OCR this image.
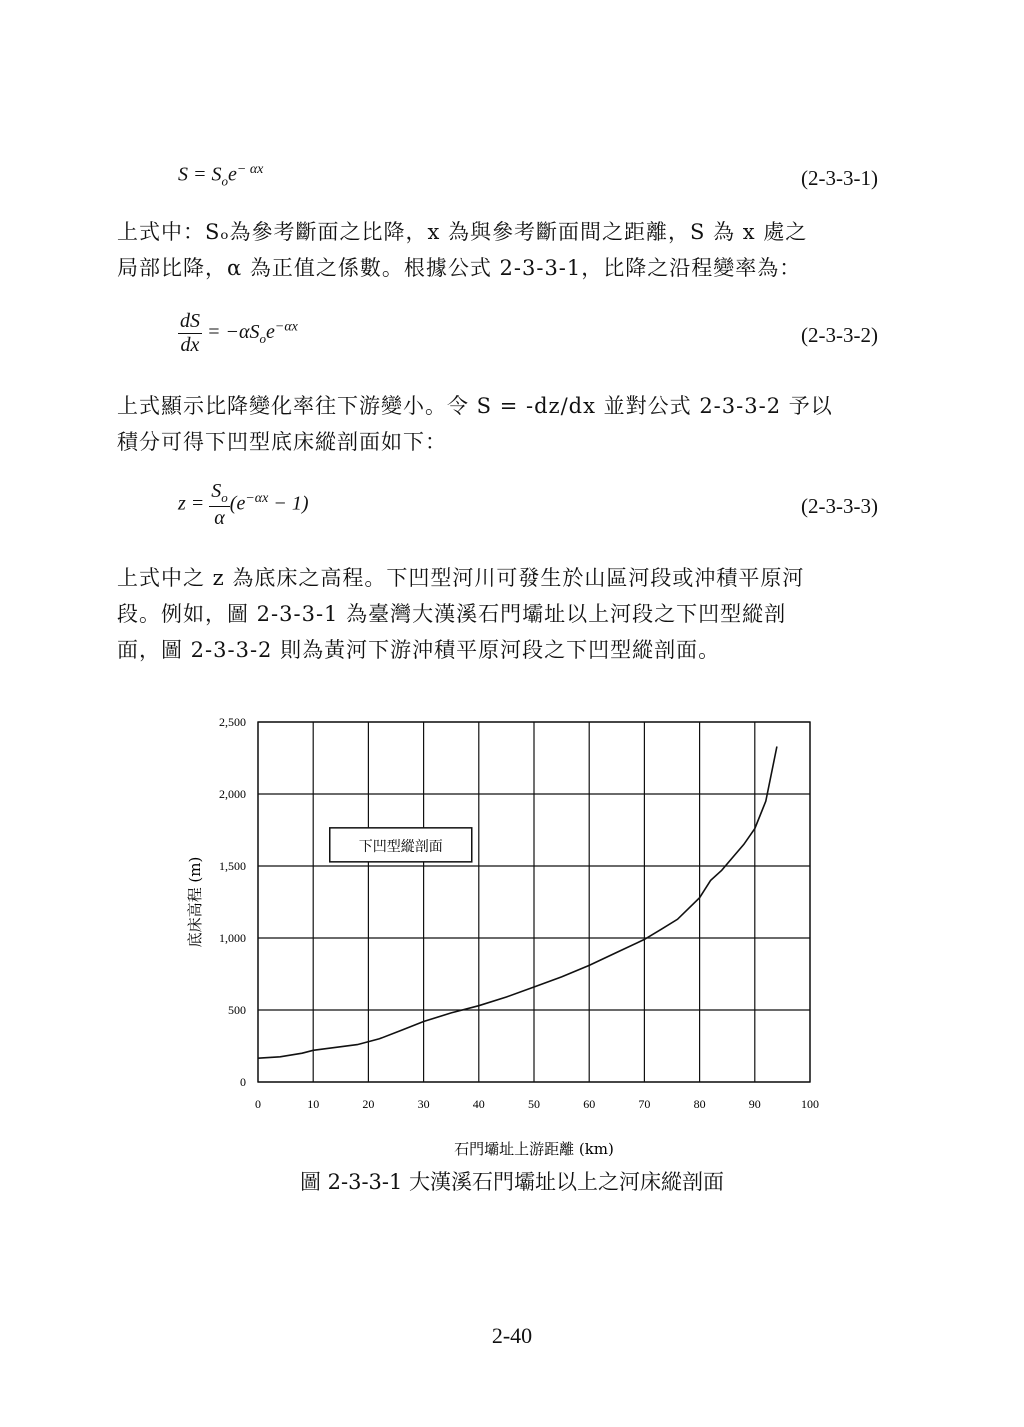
$S = S_oe^{- \alpha x}$	(2-3-3-1)

上式中：Sₒ為參考斷面之比降，x 為與參考斷面間之距離，S 為 x 處之

局部比降，α 為正值之係數。根據公式 2-3-3-1，比降之沿程變率為：

$\frac{dS}{dx} = -\alpha S_oe^{-\alpha x}$	(2-3-3-2)

上式顯示比降變化率往下游變小。令 S = -dz/dx 並對公式 2-3-3-2 予以

積分可得下凹型底床縱剖面如下：

$z = \frac{S_o}{\alpha} (e^{-\alpha x} - 1)$	(2-3-3-3)

上式中之 z 為底床之高程。下凹型河川可發生於山區河段或沖積平原河

段。例如，圖 2-3-3-1 為臺灣大漢溪石門壩址以上河段之下凹型縱剖

面，圖 2-3-3-2 則為黃河下游沖積平原河段之下凹型縱剖面。

0	10	20	30	40	50	60	70	80	90	100
0
500
1,000
1,500
2,000
2,500
下凹型縱剖面
石門壩址上游距離 (km)
底床高程 (m)
圖 2-3-3-1 大漢溪石門壩址以上之河床縱剖面
2-40
